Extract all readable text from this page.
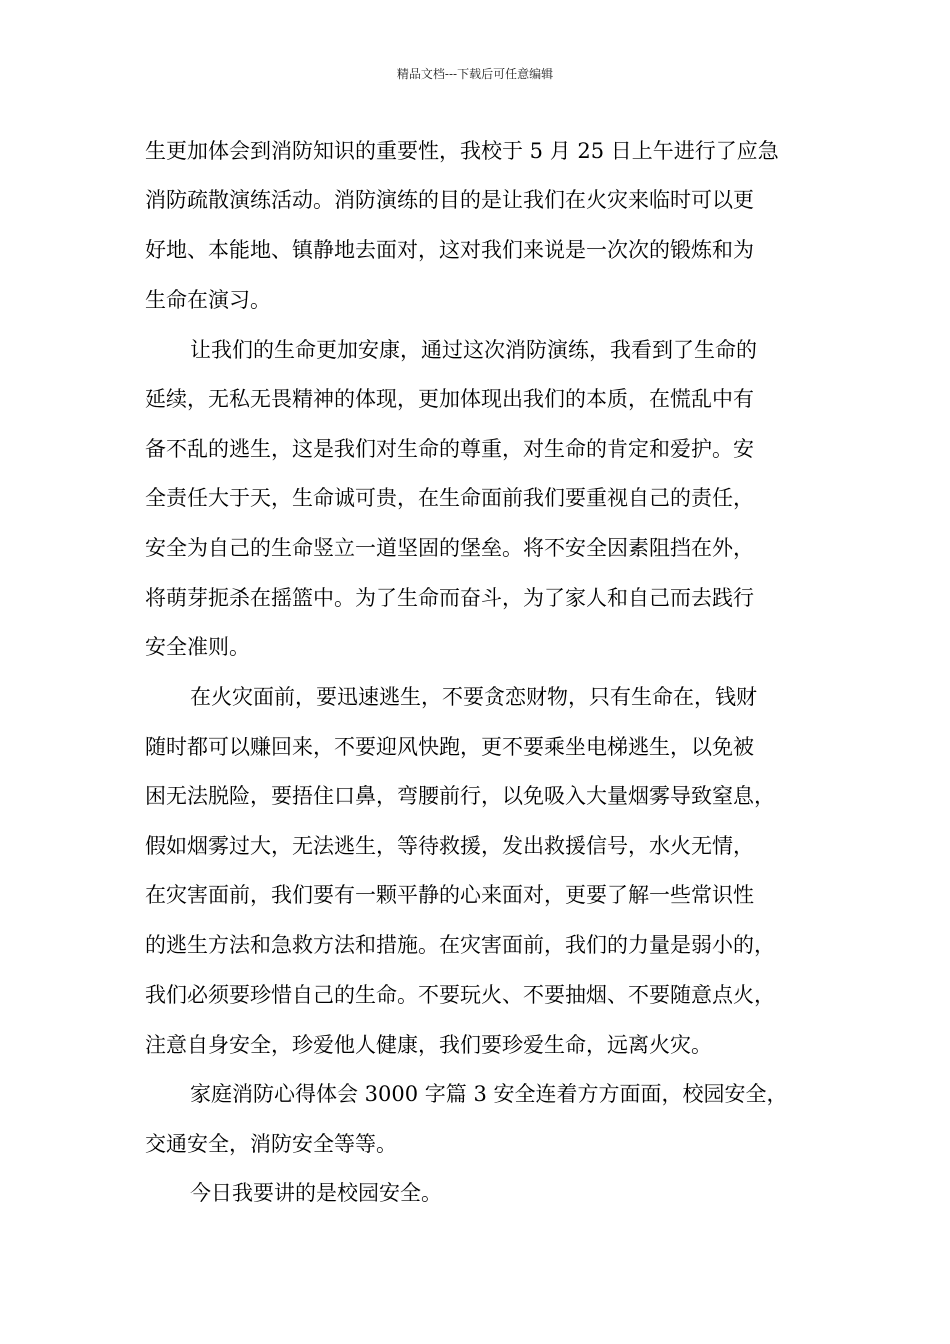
精品文档---下载后可任意编辑
生更加体会到消防知识的重要性，我校于 5 月 25 日上午进行了应急
消防疏散演练活动。消防演练的目的是让我们在火灾来临时可以更
好地、本能地、镇静地去面对，这对我们来说是一次次的锻炼和为
生命在演习。
让我们的生命更加安康，通过这次消防演练，我看到了生命的
延续，无私无畏精神的体现，更加体现出我们的本质，在慌乱中有
备不乱的逃生，这是我们对生命的尊重，对生命的肯定和爱护。安
全责任大于天，生命诚可贵，在生命面前我们要重视自己的责任，
安全为自己的生命竖立一道坚固的堡垒。将不安全因素阻挡在外，
将萌芽扼杀在摇篮中。为了生命而奋斗，为了家人和自己而去践行
安全准则。
在火灾面前，要迅速逃生，不要贪恋财物，只有生命在，钱财
随时都可以赚回来，不要迎风快跑，更不要乘坐电梯逃生，以免被
困无法脱险，要捂住口鼻，弯腰前行，以免吸入大量烟雾导致窒息，
假如烟雾过大，无法逃生，等待救援，发出救援信号，水火无情，
在灾害面前，我们要有一颗平静的心来面对，更要了解一些常识性
的逃生方法和急救方法和措施。在灾害面前，我们的力量是弱小的，
我们必须要珍惜自己的生命。不要玩火、不要抽烟、不要随意点火，
注意自身安全，珍爱他人健康，我们要珍爱生命，远离火灾。
家庭消防心得体会 3000 字篇 3 安全连着方方面面，校园安全，
交通安全，消防安全等等。
今日我要讲的是校园安全。
